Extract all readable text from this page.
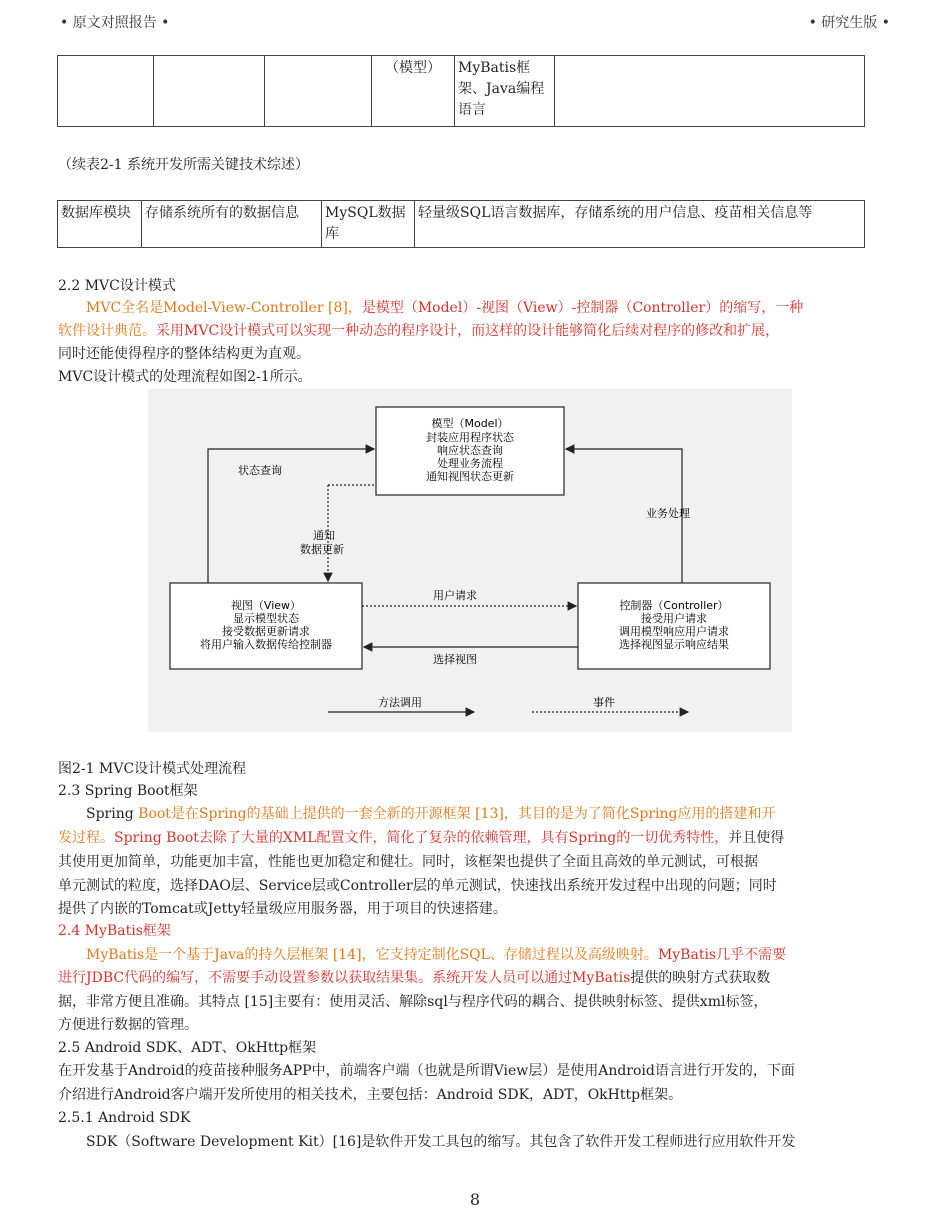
• 原文对照报告 •	• 研究生版 •
			（模型）	MyBatis框架、Java编程语言	
（续表2-1 系统开发所需关键技术综述）
数据库模块	存储系统所有的数据信息	MySQL数据库	轻量级SQL语言数据库，存储系统的用户信息、疫苗相关信息等
2.2 MVC设计模式
MVC全名是Model-View-Controller [8]，是模型（Model）-视图（View）-控制器（Controller）的缩写，一种
软件设计典范。采用MVC设计模式可以实现一种动态的程序设计，而这样的设计能够简化后续对程序的修改和扩展，
同时还能使得程序的整体结构更为直观。
MVC设计模式的处理流程如图2-1所示。
模型（Model）
封装应用程序状态
响应状态查询
处理业务流程
通知视图状态更新
视图（View）
显示模型状态
接受数据更新请求
将用户输入数据传给控制器
控制器（Controller）
接受用户请求
调用模型响应用户请求
选择视图显示响应结果
状态查询
通知
数据更新
业务处理
用户请求
选择视图
方法调用	事件
图2-1 MVC设计模式处理流程
2.3 Spring Boot框架
Spring Boot是在Spring的基础上提供的一套全新的开源框架 [13]，其目的是为了简化Spring应用的搭建和开
发过程。Spring Boot去除了大量的XML配置文件，简化了复杂的依赖管理，具有Spring的一切优秀特性，并且使得
其使用更加简单，功能更加丰富，性能也更加稳定和健壮。同时，该框架也提供了全面且高效的单元测试，可根据
单元测试的粒度，选择DAO层、Service层或Controller层的单元测试，快速找出系统开发过程中出现的问题；同时
提供了内嵌的Tomcat或Jetty轻量级应用服务器，用于项目的快速搭建。
2.4 MyBatis框架
MyBatis是一个基于Java的持久层框架 [14]，它支持定制化SQL、存储过程以及高级映射。MyBatis几乎不需要
进行JDBC代码的编写，不需要手动设置参数以获取结果集。系统开发人员可以通过MyBatis提供的映射方式获取数
据，非常方便且准确。其特点 [15]主要有：使用灵活、解除sql与程序代码的耦合、提供映射标签、提供xml标签，
方便进行数据的管理。
2.5 Android SDK、ADT、OkHttp框架
在开发基于Android的疫苗接种服务APP中，前端客户端（也就是所谓View层）是使用Android语言进行开发的，下面
介绍进行Android客户端开发所使用的相关技术，主要包括：Android SDK，ADT，OkHttp框架。
2.5.1 Android SDK
SDK（Software Development Kit）[16]是软件开发工具包的缩写。其包含了软件开发工程师进行应用软件开发
8
